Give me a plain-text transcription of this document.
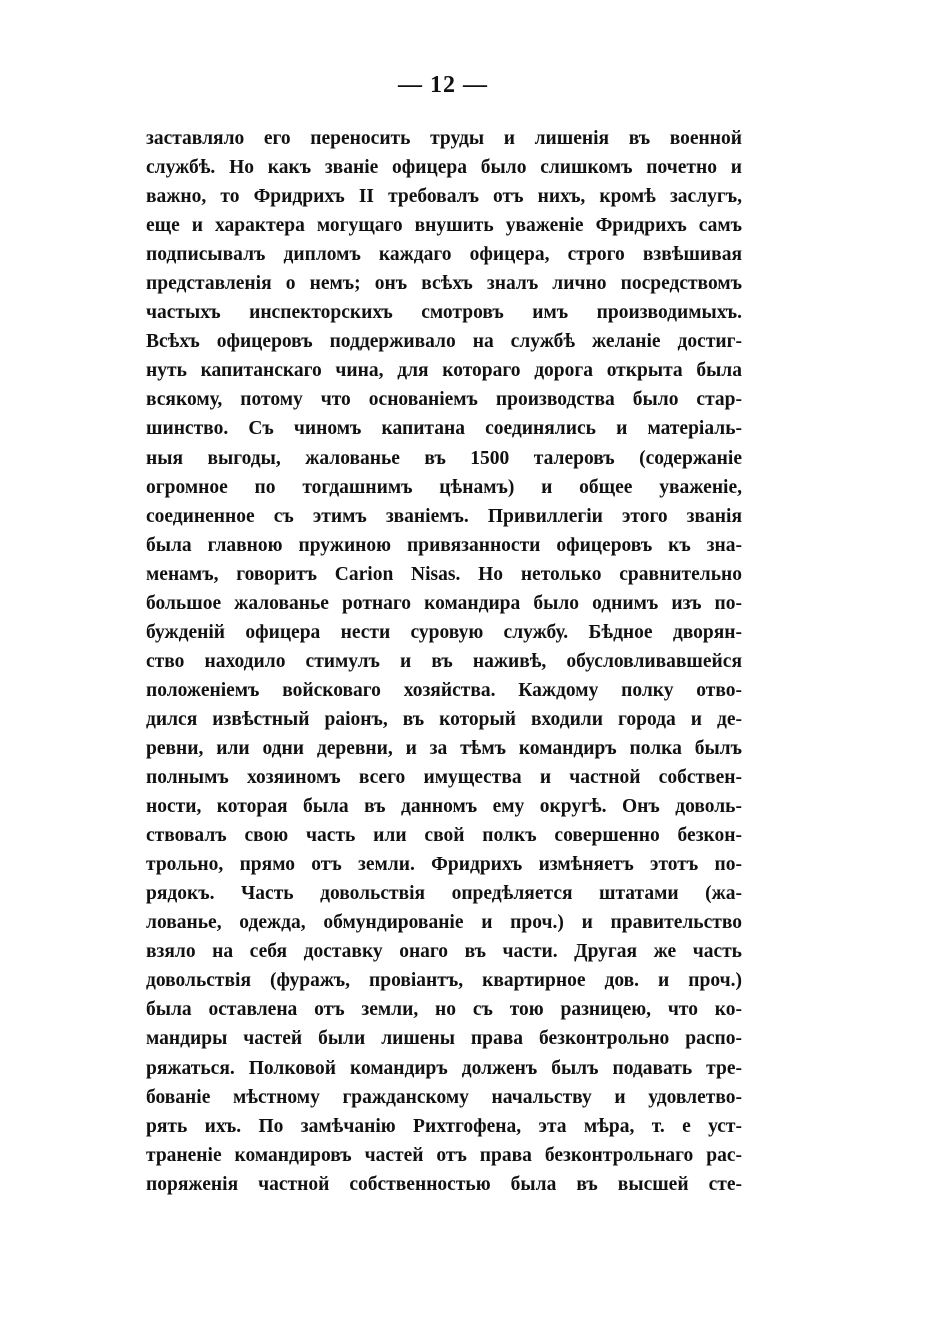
— 12 —
заставляло его переносить труды и лишенія въ военной
службѣ. Но какъ званіе офицера было слишкомъ почетно и
важно, то Фридрихъ II требовалъ отъ нихъ, кромѣ заслугъ,
еще и характера могущаго внушить уваженіе Фридрихъ самъ
подписывалъ дипломъ каждаго офицера, строго взвѣшивая
представленія о немъ; онъ всѣхъ зналъ лично посредствомъ
частыхъ инспекторскихъ смотровъ имъ производимыхъ.
Всѣхъ офицеровъ поддерживало на службѣ желаніе достиг-
нуть капитанскаго чина, для котораго дорога открыта была
всякому, потому что основаніемъ производства было стар-
шинство. Съ чиномъ капитана соединялись и матеріаль-
ныя выгоды, жалованье въ 1500 талеровъ (содержаніе
огромное по тогдашнимъ цѣнамъ) и общее уваженіе,
соединенное съ этимъ званіемъ. Привиллегіи этого званія
была главною пружиною привязанности офицеровъ къ зна-
менамъ, говоритъ Carion Nisas. Но нетолько сравнительно
большое жалованье ротнаго командира было однимъ изъ по-
бужденій офицера нести суровую службу. Бѣдное дворян-
ство находило стимулъ и въ наживѣ, обусловливавшейся
положеніемъ войсковаго хозяйства. Каждому полку отво-
дился извѣстный раіонъ, въ который входили города и де-
ревни, или одни деревни, и за тѣмъ командиръ полка былъ
полнымъ хозяиномъ всего имущества и частной собствен-
ности, которая была въ данномъ ему округѣ. Онъ доволь-
ствовалъ свою часть или свой полкъ совершенно безкон-
трольно, прямо отъ земли. Фридрихъ измѣняетъ этотъ по-
рядокъ. Часть довольствія опредѣляется штатами (жа-
лованье, одежда, обмундированіе и проч.) и правительство
взяло на себя доставку онаго въ части. Другая же часть
довольствія (фуражъ, провіантъ, квартирное дов. и проч.)
была оставлена отъ земли, но съ тою разницею, что ко-
мандиры частей были лишены права безконтрольно распо-
ряжаться. Полковой командиръ долженъ былъ подавать тре-
бованіе мѣстному гражданскому начальству и удовлетво-
рять ихъ. По замѣчанію Рихтгофена, эта мѣра, т. е уст-
траненіе командировъ частей отъ права безконтрольнаго рас-
поряженія частной собственностью была въ высшей сте-
